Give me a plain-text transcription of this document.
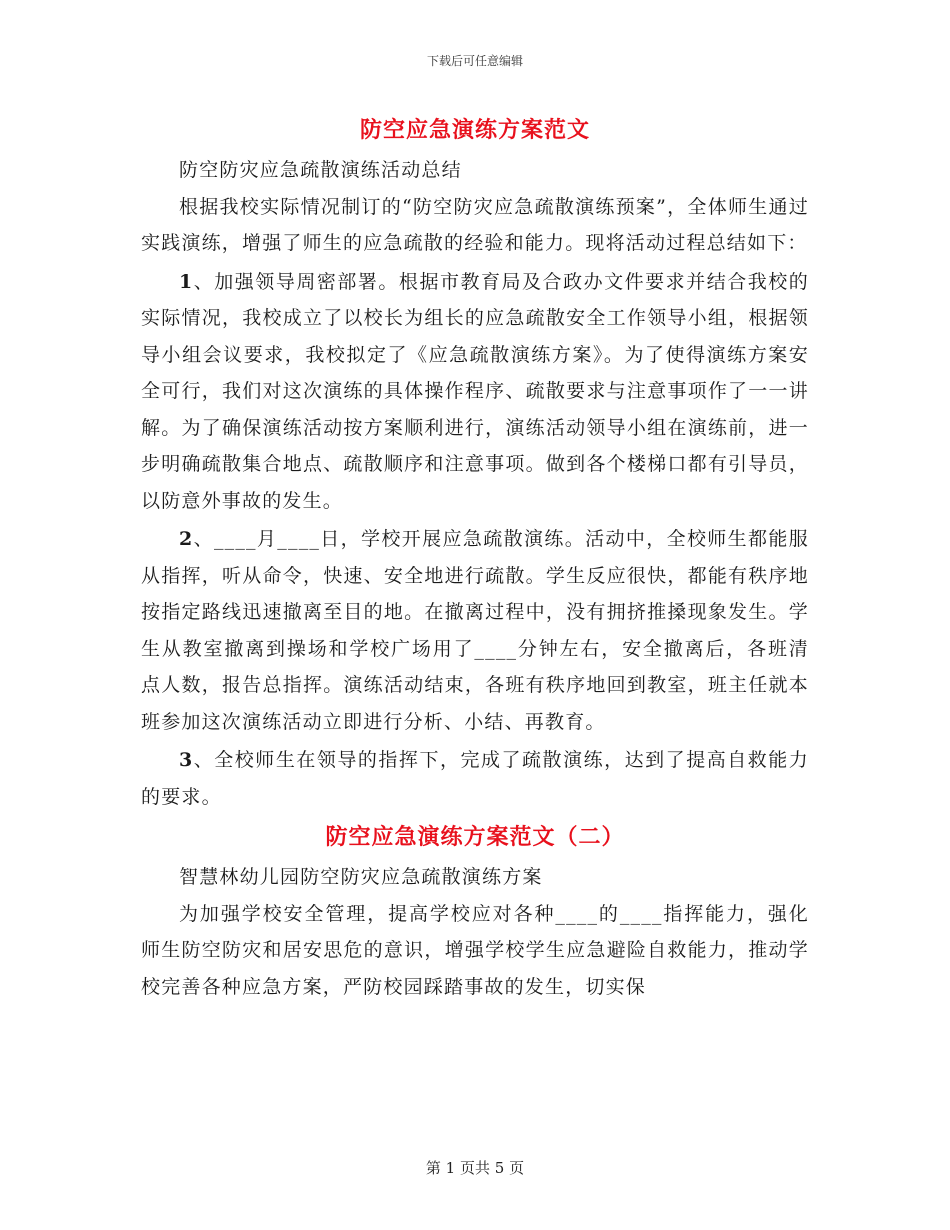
下载后可任意编辑
防空应急演练方案范文

防空防灾应急疏散演练活动总结

根据我校实际情况制订的“防空防灾应急疏散演练预案”，全体师生通过实践演练，增强了师生的应急疏散的经验和能力。现将活动过程总结如下：

1、加强领导周密部署。根据市教育局及合政办文件要求并结合我校的实际情况，我校成立了以校长为组长的应急疏散安全工作领导小组，根据领导小组会议要求，我校拟定了《应急疏散演练方案》。为了使得演练方案安全可行，我们对这次演练的具体操作程序、疏散要求与注意事项作了一一讲解。为了确保演练活动按方案顺利进行，演练活动领导小组在演练前，进一步明确疏散集合地点、疏散顺序和注意事项。做到各个楼梯口都有引导员，以防意外事故的发生。

2、____月____日，学校开展应急疏散演练。活动中，全校师生都能服从指挥，听从命令，快速、安全地进行疏散。学生反应很快，都能有秩序地按指定路线迅速撤离至目的地。在撤离过程中，没有拥挤推搡现象发生。学生从教室撤离到操场和学校广场用了____分钟左右，安全撤离后，各班清点人数，报告总指挥。演练活动结束，各班有秩序地回到教室，班主任就本班参加这次演练活动立即进行分析、小结、再教育。

3、全校师生在领导的指挥下，完成了疏散演练，达到了提高自救能力的要求。

防空应急演练方案范文（二）

智慧林幼儿园防空防灾应急疏散演练方案

为加强学校安全管理，提高学校应对各种____的____指挥能力，强化师生防空防灾和居安思危的意识，增强学校学生应急避险自救能力，推动学校完善各种应急方案，严防校园踩踏事故的发生，切实保

第 1 页共 5 页
